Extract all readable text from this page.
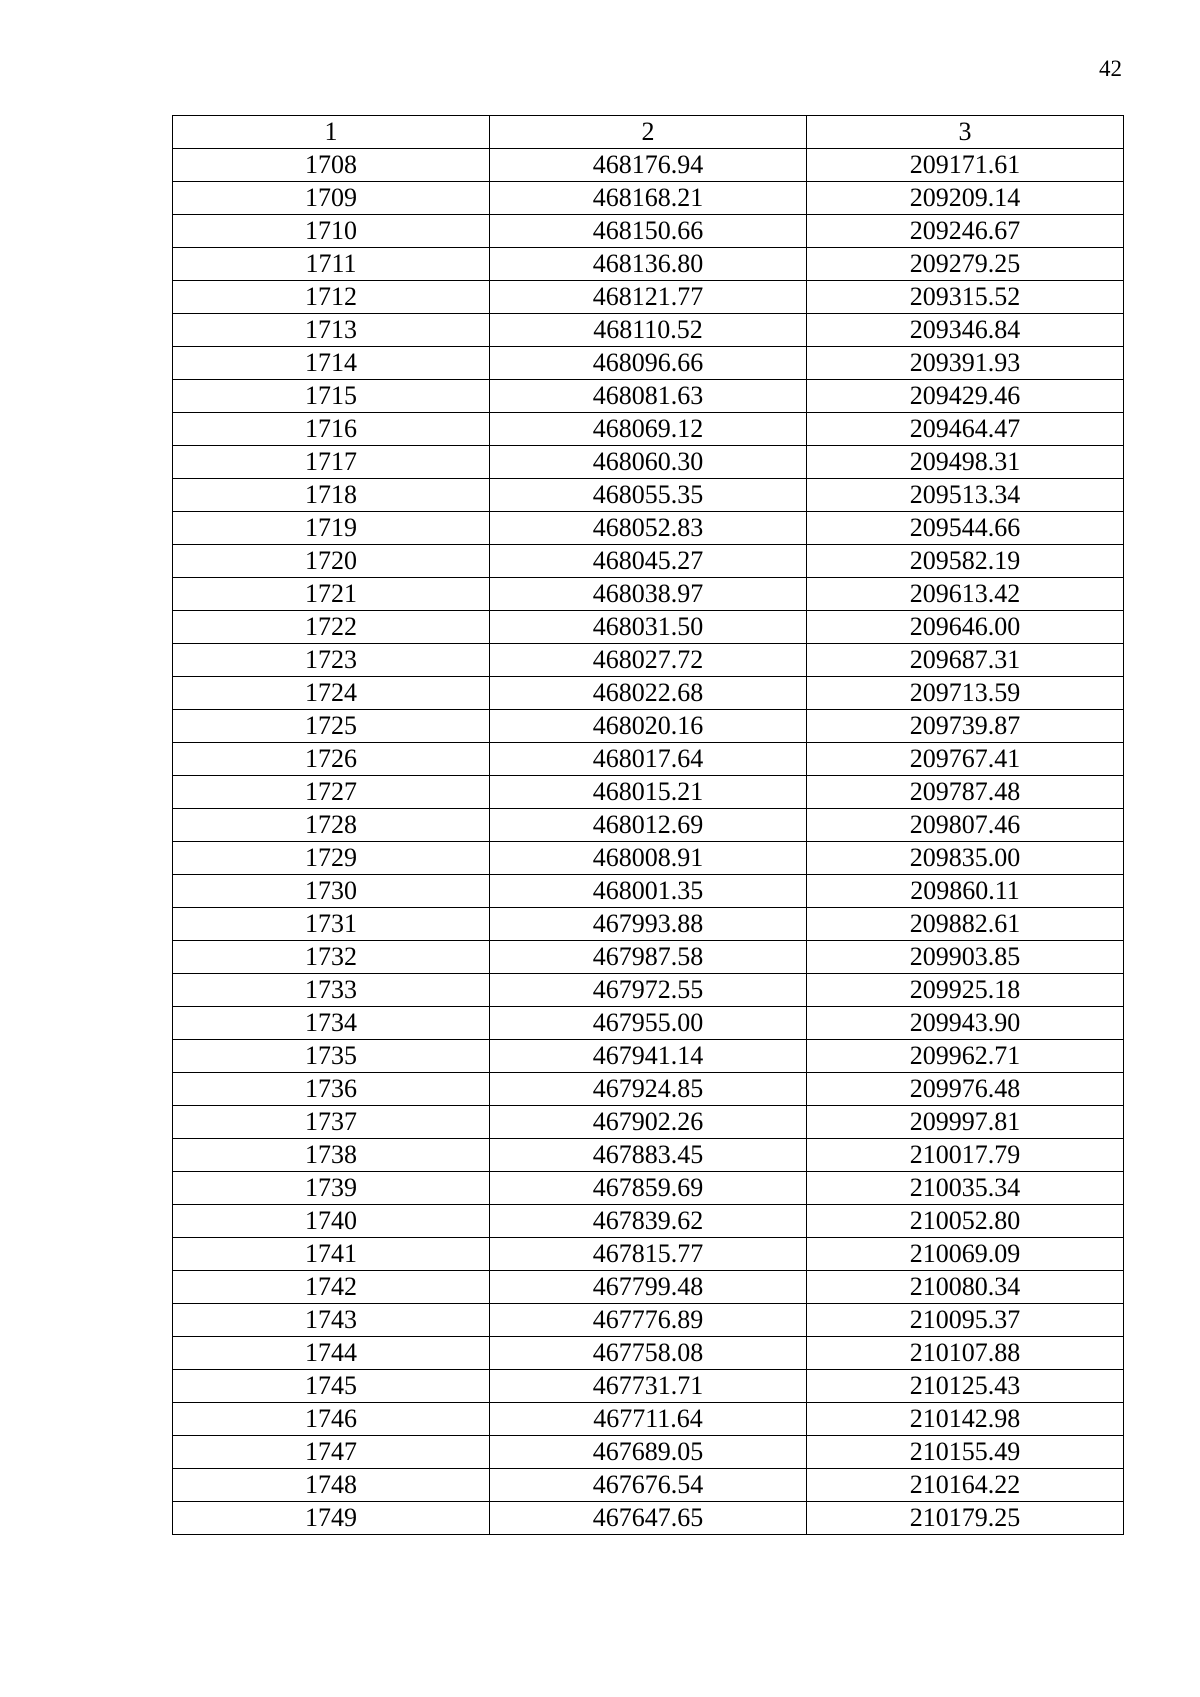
42
1	2	3
1708	468176.94	209171.61
1709	468168.21	209209.14
1710	468150.66	209246.67
1711	468136.80	209279.25
1712	468121.77	209315.52
1713	468110.52	209346.84
1714	468096.66	209391.93
1715	468081.63	209429.46
1716	468069.12	209464.47
1717	468060.30	209498.31
1718	468055.35	209513.34
1719	468052.83	209544.66
1720	468045.27	209582.19
1721	468038.97	209613.42
1722	468031.50	209646.00
1723	468027.72	209687.31
1724	468022.68	209713.59
1725	468020.16	209739.87
1726	468017.64	209767.41
1727	468015.21	209787.48
1728	468012.69	209807.46
1729	468008.91	209835.00
1730	468001.35	209860.11
1731	467993.88	209882.61
1732	467987.58	209903.85
1733	467972.55	209925.18
1734	467955.00	209943.90
1735	467941.14	209962.71
1736	467924.85	209976.48
1737	467902.26	209997.81
1738	467883.45	210017.79
1739	467859.69	210035.34
1740	467839.62	210052.80
1741	467815.77	210069.09
1742	467799.48	210080.34
1743	467776.89	210095.37
1744	467758.08	210107.88
1745	467731.71	210125.43
1746	467711.64	210142.98
1747	467689.05	210155.49
1748	467676.54	210164.22
1749	467647.65	210179.25
